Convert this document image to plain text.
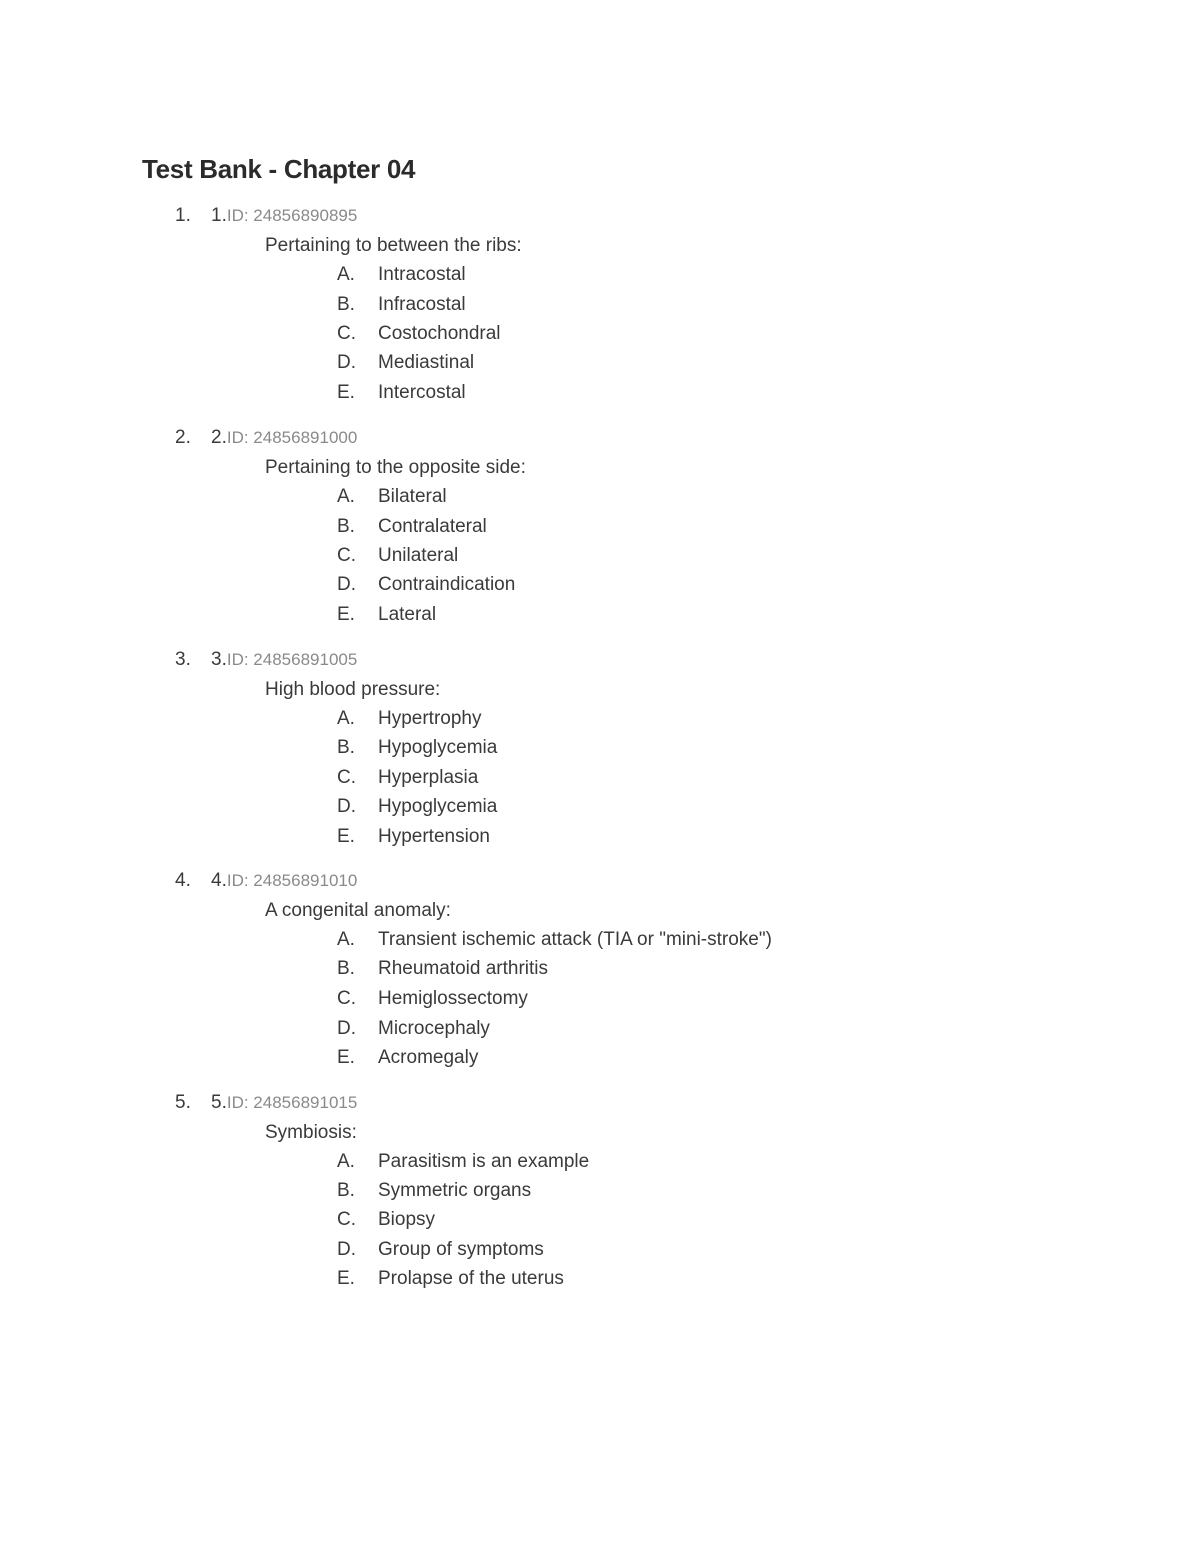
Test Bank - Chapter 04
1. 1.ID: 24856890895
Pertaining to between the ribs:
A. Intracostal
B. Infracostal
C. Costochondral
D. Mediastinal
E. Intercostal
2. 2.ID: 24856891000
Pertaining to the opposite side:
A. Bilateral
B. Contralateral
C. Unilateral
D. Contraindication
E. Lateral
3. 3.ID: 24856891005
High blood pressure:
A. Hypertrophy
B. Hypoglycemia
C. Hyperplasia
D. Hypoglycemia
E. Hypertension
4. 4.ID: 24856891010
A congenital anomaly:
A. Transient ischemic attack (TIA or "mini-stroke")
B. Rheumatoid arthritis
C. Hemiglossectomy
D. Microcephaly
E. Acromegaly
5. 5.ID: 24856891015
Symbiosis:
A. Parasitism is an example
B. Symmetric organs
C. Biopsy
D. Group of symptoms
E. Prolapse of the uterus
